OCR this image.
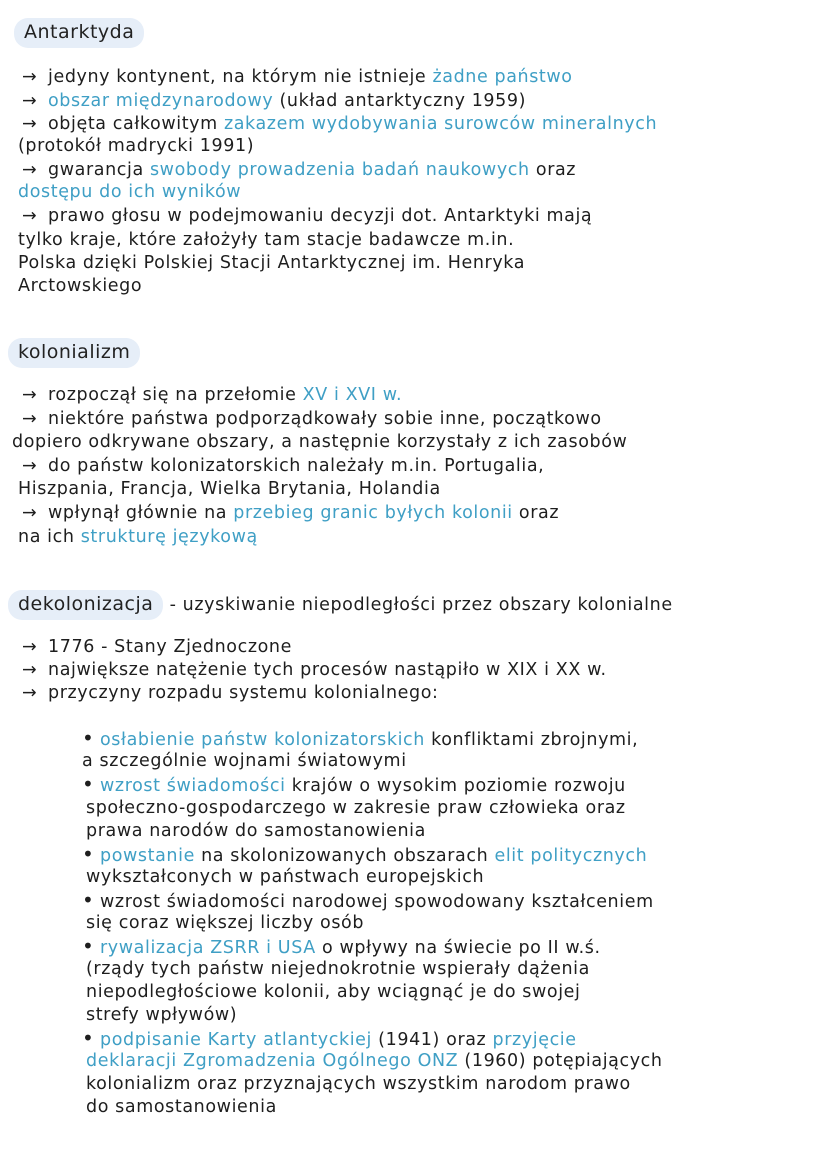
Antarktyda
→ jedyny kontynent, na którym nie istnieje żadne państwo
→ obszar międzynarodowy (układ antarktyczny 1959)
→ objęta całkowitym zakazem wydobywania surowców mineralnych
(protokół madrycki 1991)
→ gwarancja swobody prowadzenia badań naukowych oraz
dostępu do ich wyników
→ prawo głosu w podejmowaniu decyzji dot. Antarktyki mają
tylko kraje, które założyły tam stacje badawcze m.in.
Polska dzięki Polskiej Stacji Antarktycznej im. Henryka
Arctowskiego
kolonializm
→ rozpoczął się na przełomie XV i XVI w.
→ niektóre państwa podporządkowały sobie inne, początkowo
dopiero odkrywane obszary, a następnie korzystały z ich zasobów
→ do państw kolonizatorskich należały m.in. Portugalia,
Hiszpania, Francja, Wielka Brytania, Holandia
→ wpłynął głównie na przebieg granic byłych kolonii oraz
na ich strukturę językową
dekolonizacja - uzyskiwanie niepodległości przez obszary kolonialne
→ 1776 - Stany Zjednoczone
→ największe natężenie tych procesów nastąpiło w XIX i XX w.
→ przyczyny rozpadu systemu kolonialnego:
• osłabienie państw kolonizatorskich konfliktami zbrojnymi,
a szczególnie wojnami światowymi
• wzrost świadomości krajów o wysokim poziomie rozwoju
społeczno-gospodarczego w zakresie praw człowieka oraz
prawa narodów do samostanowienia
• powstanie na skolonizowanych obszarach elit politycznych
wykształconych w państwach europejskich
• wzrost świadomości narodowej spowodowany kształceniem
się coraz większej liczby osób
• rywalizacja ZSRR i USA o wpływy na świecie po II w.ś.
(rządy tych państw niejednokrotnie wspierały dążenia
niepodległościowe kolonii, aby wciągnąć je do swojej
strefy wpływów)
• podpisanie Karty atlantyckiej (1941) oraz przyjęcie
deklaracji Zgromadzenia Ogólnego ONZ (1960) potępiających
kolonializm oraz przyznających wszystkim narodom prawo
do samostanowienia
